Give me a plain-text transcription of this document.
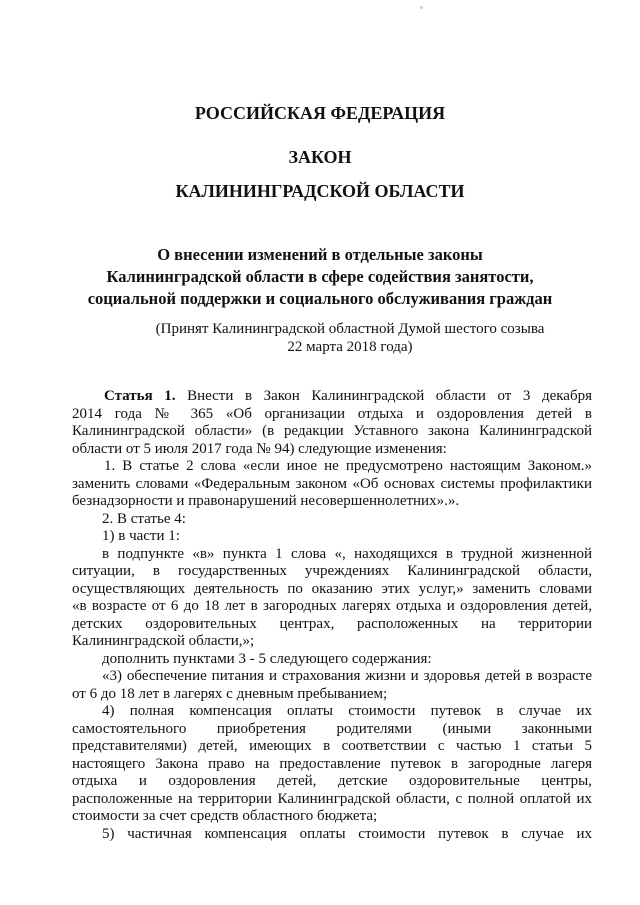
РОССИЙСКАЯ ФЕДЕРАЦИЯ
ЗАКОН
КАЛИНИНГРАДСКОЙ ОБЛАСТИ
О внесении изменений в отдельные законы
Калининградской области в сфере содействия занятости,
социальной поддержки и социального обслуживания граждан
(Принят Калининградской областной Думой шестого созыва
22 марта 2018 года)

Статья 1. Внести в Закон Калининградской области от 3 декабря

2014 года № 365 «Об организации отдыха и оздоровления детей в

Калининградской области» (в редакции Уставного закона Калининградской

области от 5 июля 2017 года № 94) следующие изменения:

1. В статье 2 слова «если иное не предусмотрено настоящим Законом.»

заменить словами «Федеральным законом «Об основах системы профилактики

безнадзорности и правонарушений несовершеннолетних».».

2. В статье 4:

1) в части 1:

в подпункте «в» пункта 1 слова «, находящихся в трудной жизненной

ситуации, в государственных учреждениях Калининградской области,

осуществляющих деятельность по оказанию этих услуг,» заменить словами

«в возрасте от 6 до 18 лет в загородных лагерях отдыха и оздоровления детей,

детских оздоровительных центрах, расположенных на территории

Калининградской области,»;

дополнить пунктами 3 - 5 следующего содержания:

«3) обеспечение питания и страхования жизни и здоровья детей в возрасте

от 6 до 18 лет в лагерях с дневным пребыванием;

4) полная компенсация оплаты стоимости путевок в случае их

самостоятельного приобретения родителями (иными законными

представителями) детей, имеющих в соответствии с частью 1 статьи 5

настоящего Закона право на предоставление путевок в загородные лагеря

отдыха и оздоровления детей, детские оздоровительные центры,

расположенные на территории Калининградской области, с полной оплатой их

стоимости за счет средств областного бюджета;

5) частичная компенсация оплаты стоимости путевок в случае их
